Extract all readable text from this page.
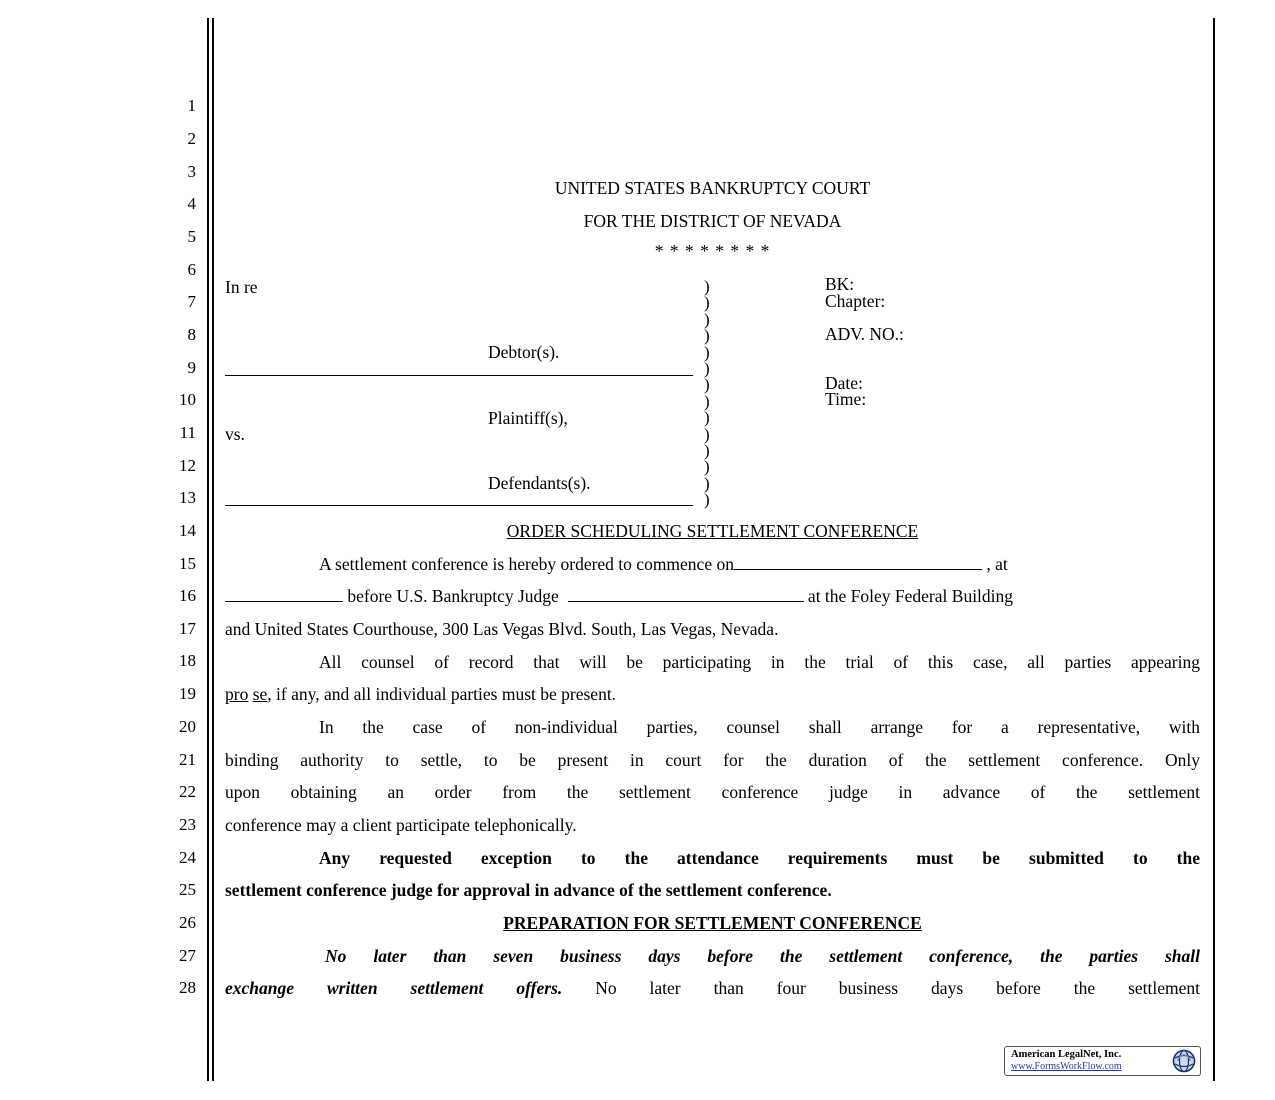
1
2
3
4
5
6
7
8
9
10
11
12
13
14
15
16
17
18
19
20
21
22
23
24
25
26
27
28
UNITED STATES BANKRUPTCY COURT
FOR THE DISTRICT OF NEVADA
* * * * * * * *
In re
Debtor(s).
Plaintiff(s),
vs.
Defendants(s).
)
)
)
)
)
)
)
)
)
)
)
)
)
)
BK:
Chapter:
ADV. NO.:
Date:
Time:
ORDER SCHEDULING SETTLEMENT CONFERENCE
A settlement conference is hereby ordered to commence on	, at
before U.S. Bankruptcy Judge	at the Foley Federal Building
and United States Courthouse, 300 Las Vegas Blvd. South, Las Vegas, Nevada.
All counsel of record that will be participating in the trial of this case, all parties appearing
pro se, if any, and all individual parties must be present.
In the case of non-individual parties, counsel shall arrange for a representative, with
binding authority to settle, to be present in court for the duration of the settlement conference. Only
upon obtaining an order from the settlement conference judge in advance of the settlement
conference may a client participate telephonically.
Any requested exception to the attendance requirements must be submitted to the
settlement conference judge for approval in advance of the settlement conference.
PREPARATION FOR SETTLEMENT CONFERENCE
No later than seven business days before the settlement conference, the parties shall
exchange written settlement offers. No later than four business days before the settlement
American LegalNet, Inc.
www.FormsWorkFlow.com
